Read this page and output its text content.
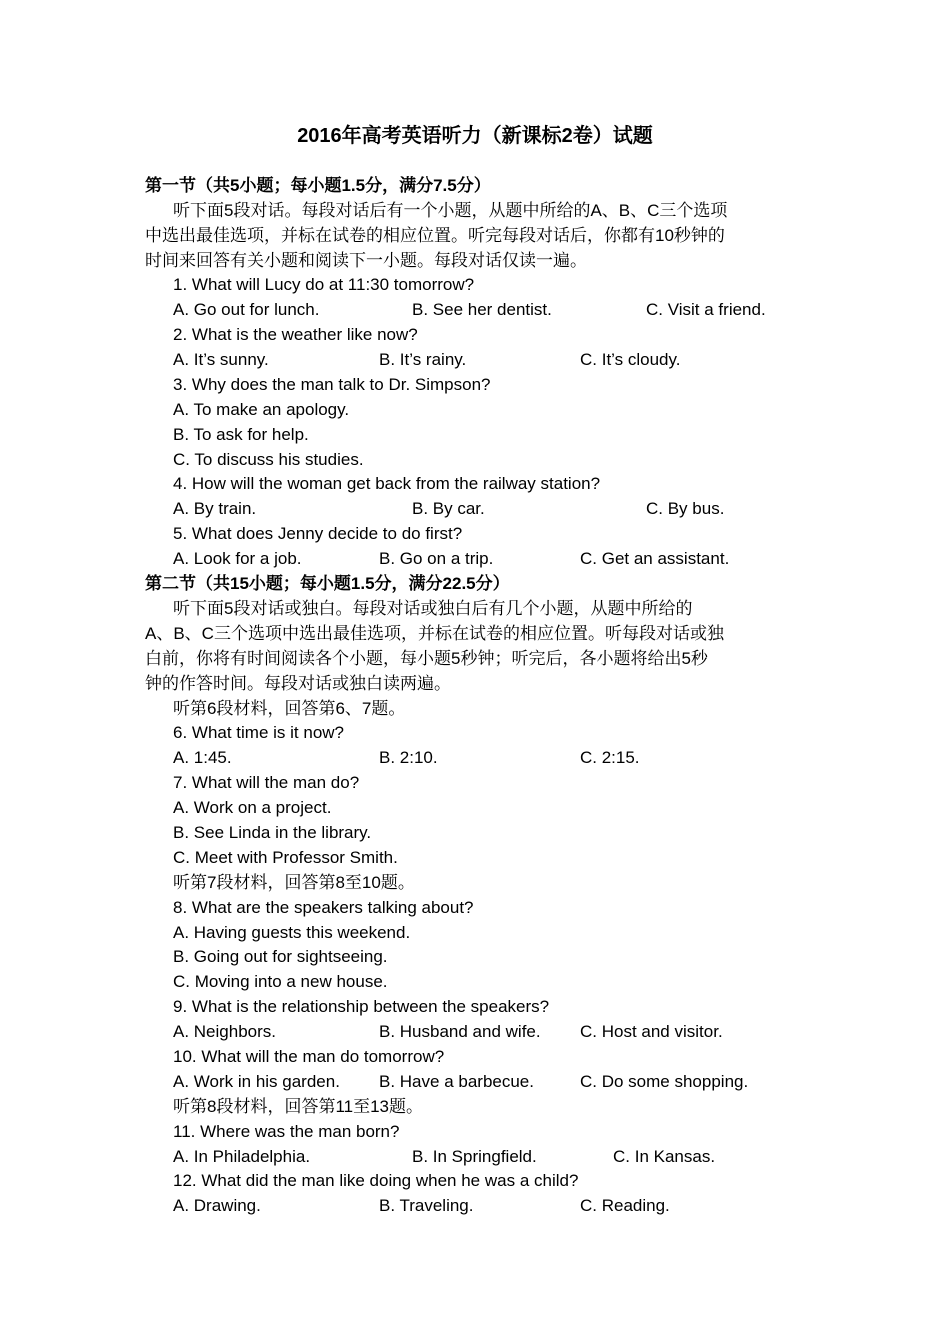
2016年高考英语听力（新课标2卷）试题
第一节（共5小题；每小题1.5分，满分7.5分）
听下面5段对话。每段对话后有一个小题，从题中所给的A、B、C三个选项
中选出最佳选项，并标在试卷的相应位置。听完每段对话后，你都有10秒钟的
时间来回答有关小题和阅读下一小题。每段对话仅读一遍。
1. What will Lucy do at 11:30 tomorrow?
A. Go out for lunch.	B. See her dentist.	C. Visit a friend.
2. What is the weather like now?
A. It’s sunny.	B. It’s rainy.	C. It’s cloudy.
3. Why does the man talk to Dr. Simpson?
A. To make an apology.
B. To ask for help.
C. To discuss his studies.
4. How will the woman get back from the railway station?
A. By train.	B. By car.	C. By bus.
5. What does Jenny decide to do first?
A. Look for a job.	B. Go on a trip.	C. Get an assistant.
第二节（共15小题；每小题1.5分，满分22.5分）
听下面5段对话或独白。每段对话或独白后有几个小题，从题中所给的
A、B、C三个选项中选出最佳选项，并标在试卷的相应位置。听每段对话或独
白前，你将有时间阅读各个小题，每小题5秒钟；听完后，各小题将给出5秒
钟的作答时间。每段对话或独白读两遍。
听第6段材料，回答第6、7题。
6. What time is it now?
A. 1:45.	B. 2:10.	C. 2:15.
7. What will the man do?
A. Work on a project.
B. See Linda in the library.
C. Meet with Professor Smith.
听第7段材料，回答第8至10题。
8. What are the speakers talking about?
A. Having guests this weekend.
B. Going out for sightseeing.
C. Moving into a new house.
9. What is the relationship between the speakers?
A. Neighbors.	B. Husband and wife. C. Host and visitor.
10. What will the man do tomorrow?
A. Work in his garden. B. Have a barbecue.	C. Do some shopping.
听第8段材料，回答第11至13题。
11. Where was the man born?
A. In Philadelphia.	B. In Springfield.	C. In Kansas.
12. What did the man like doing when he was a child?
A. Drawing.	B. Traveling.	C. Reading.
